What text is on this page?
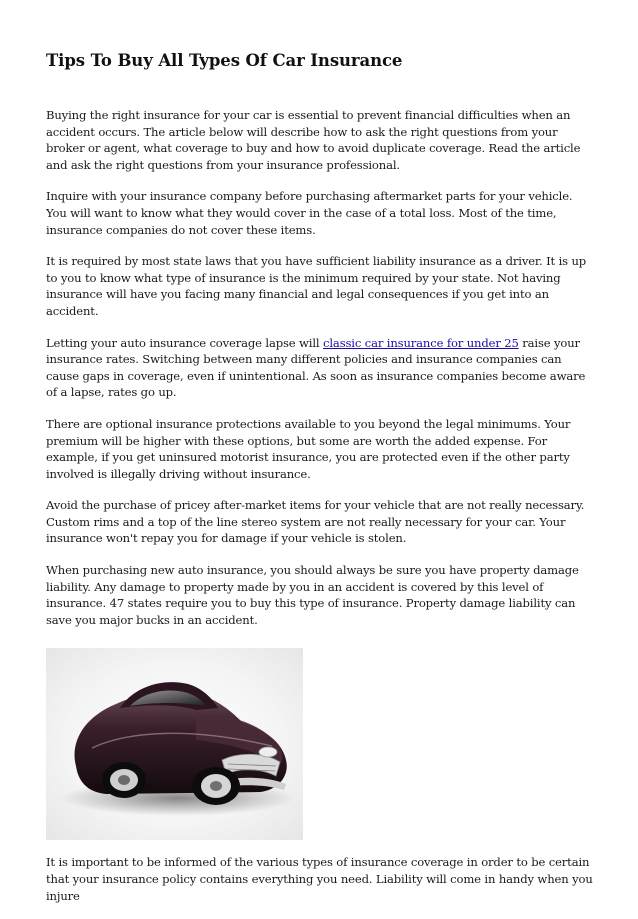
Tips To Buy All Types Of Car Insurance

Buying the right insurance for your car is essential to prevent financial difficulties when an accident occurs. The article below will describe how to ask the right questions from your broker or agent, what coverage to buy and how to avoid duplicate coverage. Read the article and ask the right questions from your insurance professional.

Inquire with your insurance company before purchasing aftermarket parts for your vehicle. You will want to know what they would cover in the case of a total loss. Most of the time, insurance companies do not cover these items.

It is required by most state laws that you have sufficient liability insurance as a driver. It is up to you to know what type of insurance is the minimum required by your state. Not having insurance will have you facing many financial and legal consequences if you get into an accident.

Letting your auto insurance coverage lapse will classic car insurance for under 25 raise your insurance rates. Switching between many different policies and insurance companies can cause gaps in coverage, even if unintentional. As soon as insurance companies become aware of a lapse, rates go up.

There are optional insurance protections available to you beyond the legal minimums. Your premium will be higher with these options, but some are worth the added expense. For example, if you get uninsured motorist insurance, you are protected even if the other party involved is illegally driving without insurance.

Avoid the purchase of pricey after-market items for your vehicle that are not really necessary. Custom rims and a top of the line stereo system are not really necessary for your car. Your insurance won't repay you for damage if your vehicle is stolen.

When purchasing new auto insurance, you should always be sure you have property damage liability. Any damage to property made by you in an accident is covered by this level of insurance. 47 states require you to buy this type of insurance. Property damage liability can save you major bucks in an accident.

It is important to be informed of the various types of insurance coverage in order to be certain that your insurance policy contains everything you need. Liability will come in handy when you injure
